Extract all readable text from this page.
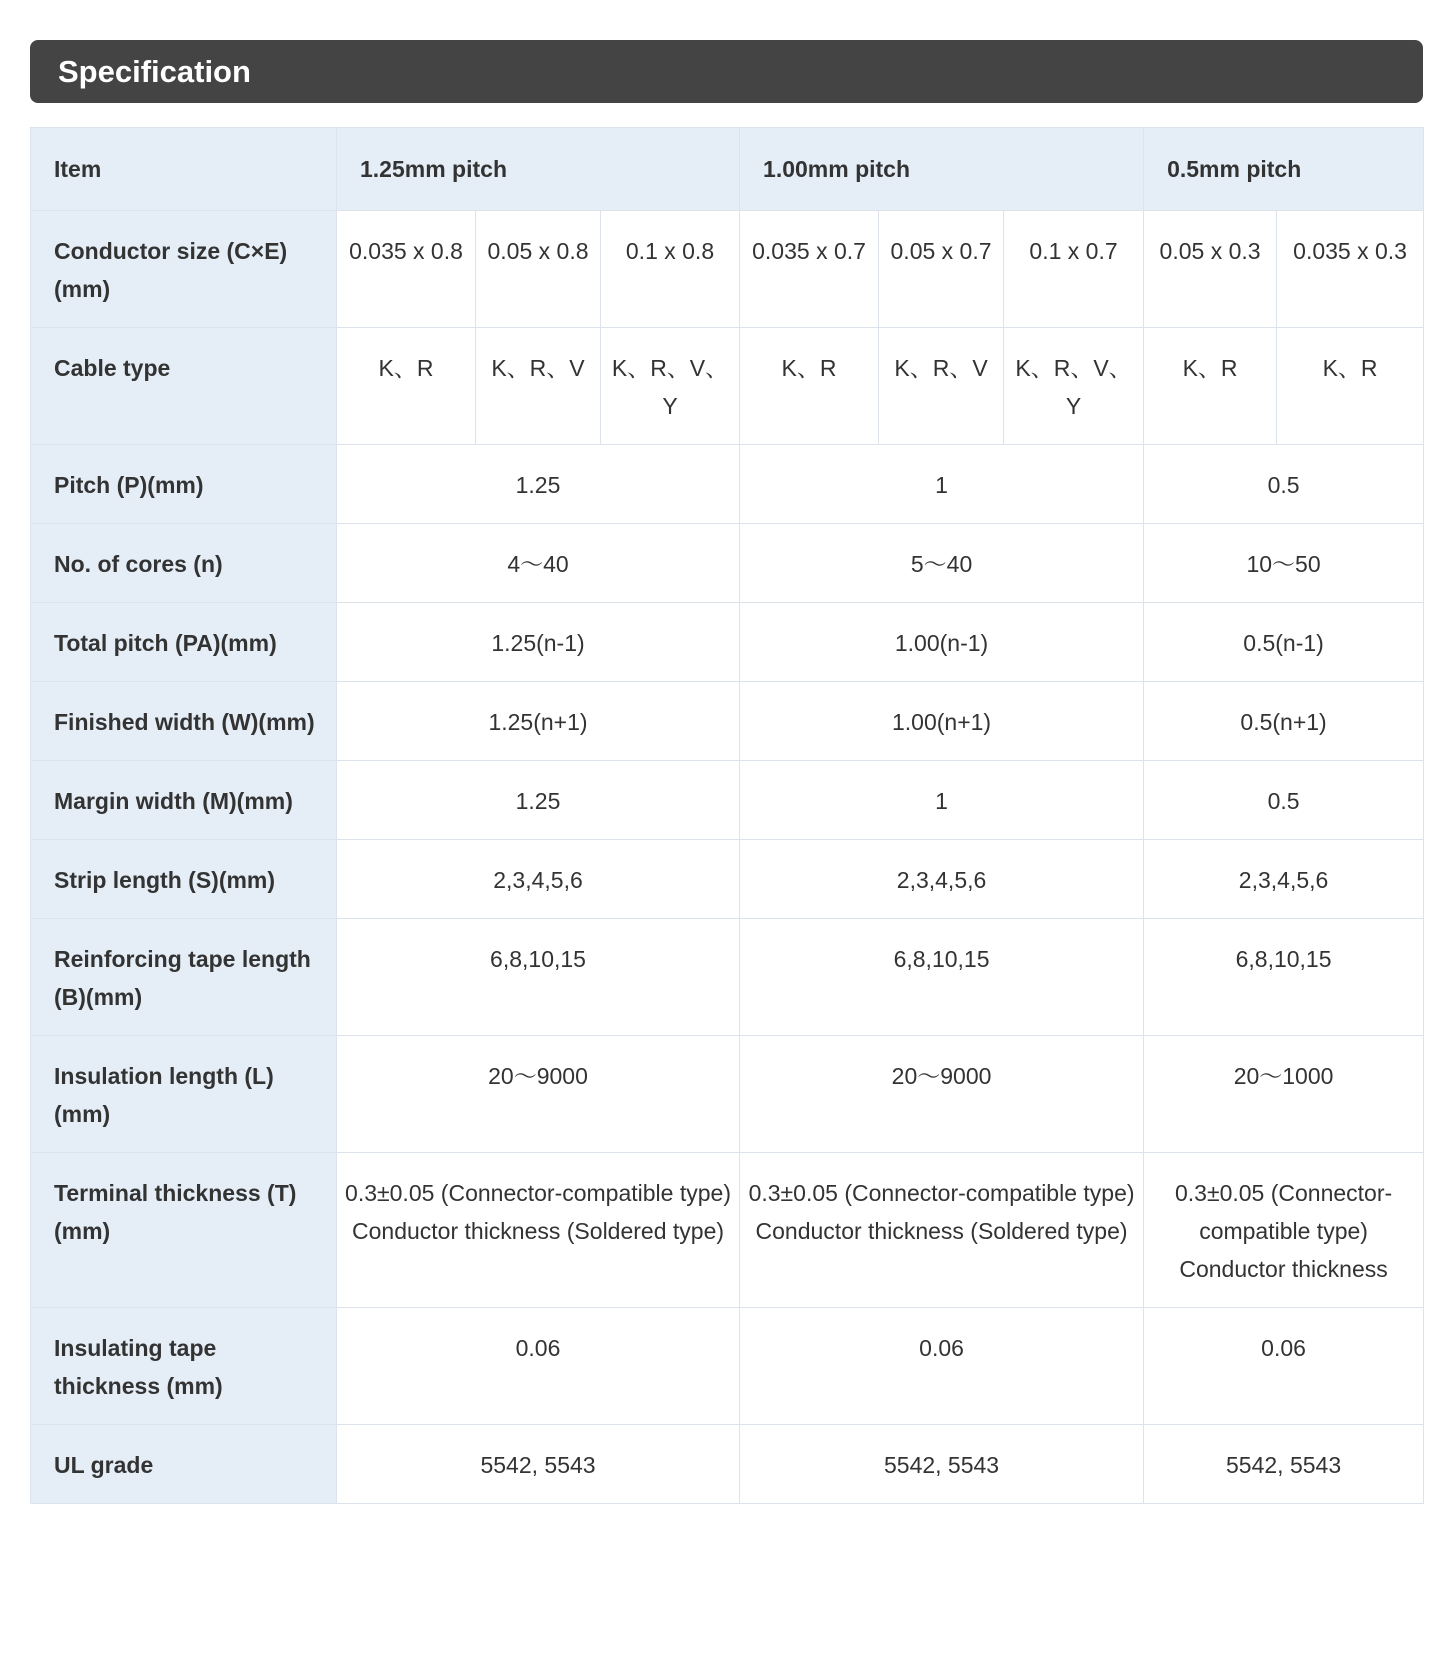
Specification
Item	1.25mm pitch			1.00mm pitch			0.5mm pitch	
Conductor size (C×E)(mm)	0.035 x 0.8	0.05 x 0.8	0.1 x 0.8	0.035 x 0.7	0.05 x 0.7	0.1 x 0.7	0.05 x 0.3	0.035 x 0.3
Cable type	K、R	K、R、V	K、R、V、Y	K、R	K、R、V	K、R、V、Y	K、R	K、R
Pitch (P)(mm)	1.25			1			0.5	
No. of cores (n)	4～40			5～40			10～50	
Total pitch (PA)(mm)	1.25(n-1)			1.00(n-1)			0.5(n-1)	
Finished width (W)(mm)	1.25(n+1)			1.00(n+1)			0.5(n+1)	
Margin width (M)(mm)	1.25			1			0.5	
Strip length (S)(mm)	2,3,4,5,6			2,3,4,5,6			2,3,4,5,6	
Reinforcing tape length (B)(mm)	6,8,10,15			6,8,10,15			6,8,10,15	
Insulation length (L)(mm)	20～9000			20～9000			20～1000	
Terminal thickness (T)(mm)	0.3±0.05 (Connector-compatible type) Conductor thickness (Soldered type)			0.3±0.05 (Connector-compatible type) Conductor thickness (Soldered type)			0.3±0.05 (Connector-compatible type) Conductor thickness	
Insulating tape thickness (mm)	0.06			0.06			0.06	
UL grade	5542, 5543			5542, 5543			5542, 5543	
